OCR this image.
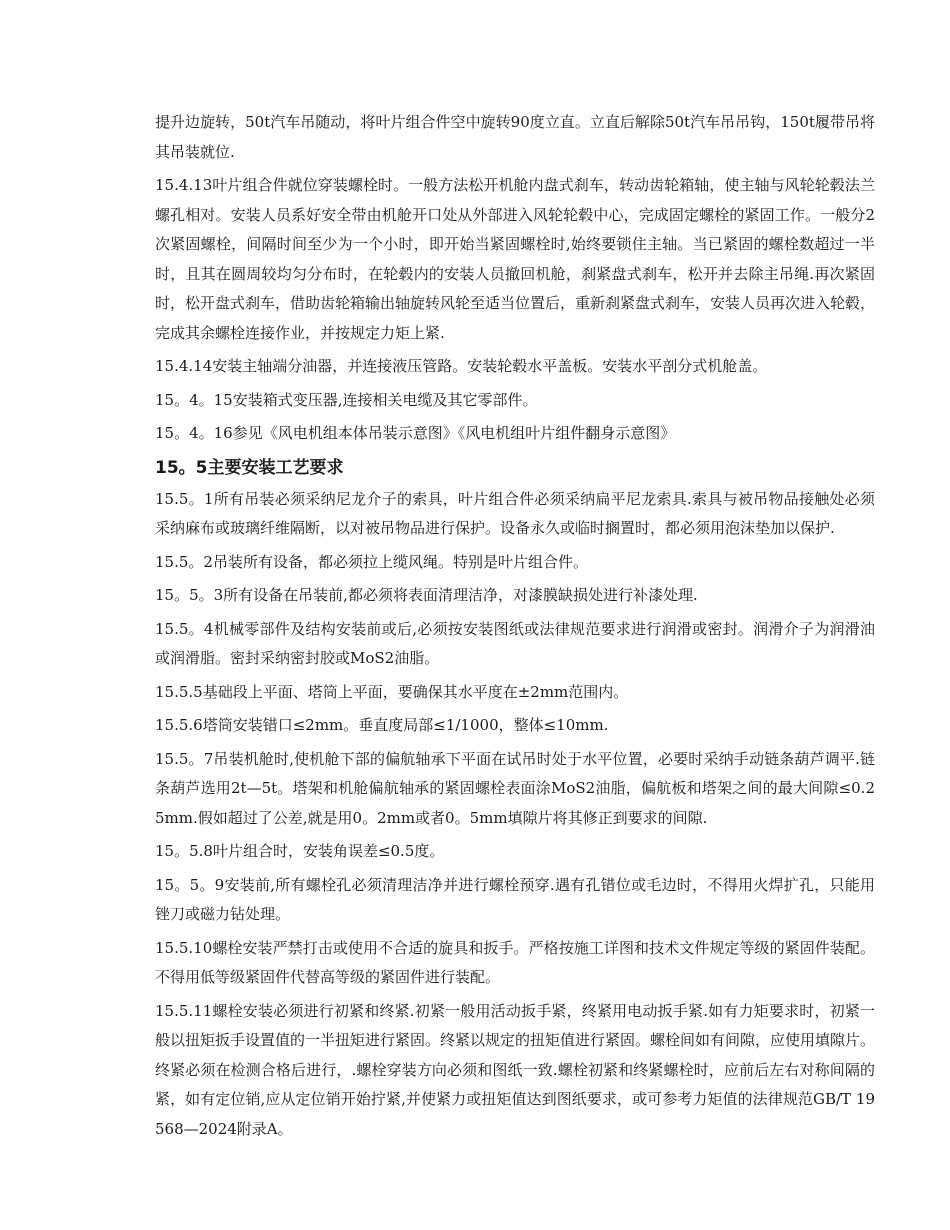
提升边旋转，50t汽车吊随动，将叶片组合件空中旋转90度立直。立直后解除50t汽车吊吊钩，150t履带吊将其吊装就位.

15.4.13叶片组合件就位穿装螺栓时。一般方法松开机舱内盘式刹车，转动齿轮箱轴，使主轴与风轮轮毂法兰螺孔相对。安装人员系好安全带由机舱开口处从外部进入风轮轮毂中心，完成固定螺栓的紧固工作。一般分2次紧固螺栓，间隔时间至少为一个小时，即开始当紧固螺栓时,始终要锁住主轴。当已紧固的螺栓数超过一半时，且其在圆周较均匀分布时，在轮毂内的安装人员撤回机舱，刹紧盘式刹车，松开并去除主吊绳.再次紧固时，松开盘式刹车，借助齿轮箱输出轴旋转风轮至适当位置后，重新刹紧盘式刹车，安装人员再次进入轮毂，完成其余螺栓连接作业，并按规定力矩上紧.

15.4.14安装主轴端分油器，并连接液压管路。安装轮毂水平盖板。安装水平剖分式机舱盖。

15。4。15安装箱式变压器,连接相关电缆及其它零部件。

15。4。16参见《风电机组本体吊装示意图》《风电机组叶片组件翻身示意图》

15。5主要安装工艺要求

15.5。1所有吊装必须采纳尼龙介子的索具，叶片组合件必须采纳扁平尼龙索具.索具与被吊物品接触处必须采纳麻布或玻璃纤维隔断，以对被吊物品进行保护。设备永久或临时搁置时，都必须用泡沫垫加以保护.

15.5。2吊装所有设备，都必须拉上缆风绳。特别是叶片组合件。

15。5。3所有设备在吊装前,都必须将表面清理洁净，对漆膜缺损处进行补漆处理.

15.5。4机械零部件及结构安装前或后,必须按安装图纸或法律规范要求进行润滑或密封。润滑介子为润滑油或润滑脂。密封采纳密封胶或MoS2油脂。

15.5.5基础段上平面、塔筒上平面，要确保其水平度在±2mm范围内。

15.5.6塔筒安装错口≤2mm。垂直度局部≤1/1000，整体≤10mm.

15.5。7吊装机舱时,使机舱下部的偏航轴承下平面在试吊时处于水平位置，必要时采纳手动链条葫芦调平.链条葫芦选用2t—5t。塔架和机舱偏航轴承的紧固螺栓表面涂MoS2油脂，偏航板和塔架之间的最大间隙≤0.25mm.假如超过了公差,就是用0。2mm或者0。5mm填隙片将其修正到要求的间隙.

15。5.8叶片组合时，安装角误差≤0.5度。

15。5。9安装前,所有螺栓孔必须清理洁净并进行螺栓预穿.遇有孔错位或毛边时，不得用火焊扩孔，只能用锉刀或磁力钻处理。

15.5.10螺栓安装严禁打击或使用不合适的旋具和扳手。严格按施工详图和技术文件规定等级的紧固件装配。不得用低等级紧固件代替高等级的紧固件进行装配。

15.5.11螺栓安装必须进行初紧和终紧.初紧一般用活动扳手紧，终紧用电动扳手紧.如有力矩要求时，初紧一般以扭矩扳手设置值的一半扭矩进行紧固。终紧以规定的扭矩值进行紧固。螺栓间如有间隙，应使用填隙片。终紧必须在检测合格后进行，.螺栓穿装方向必须和图纸一致.螺栓初紧和终紧螺栓时，应前后左右对称间隔的紧，如有定位销,应从定位销开始拧紧,并使紧力或扭矩值达到图纸要求，或可参考力矩值的法律规范GB/T 19568—2024附录A。
